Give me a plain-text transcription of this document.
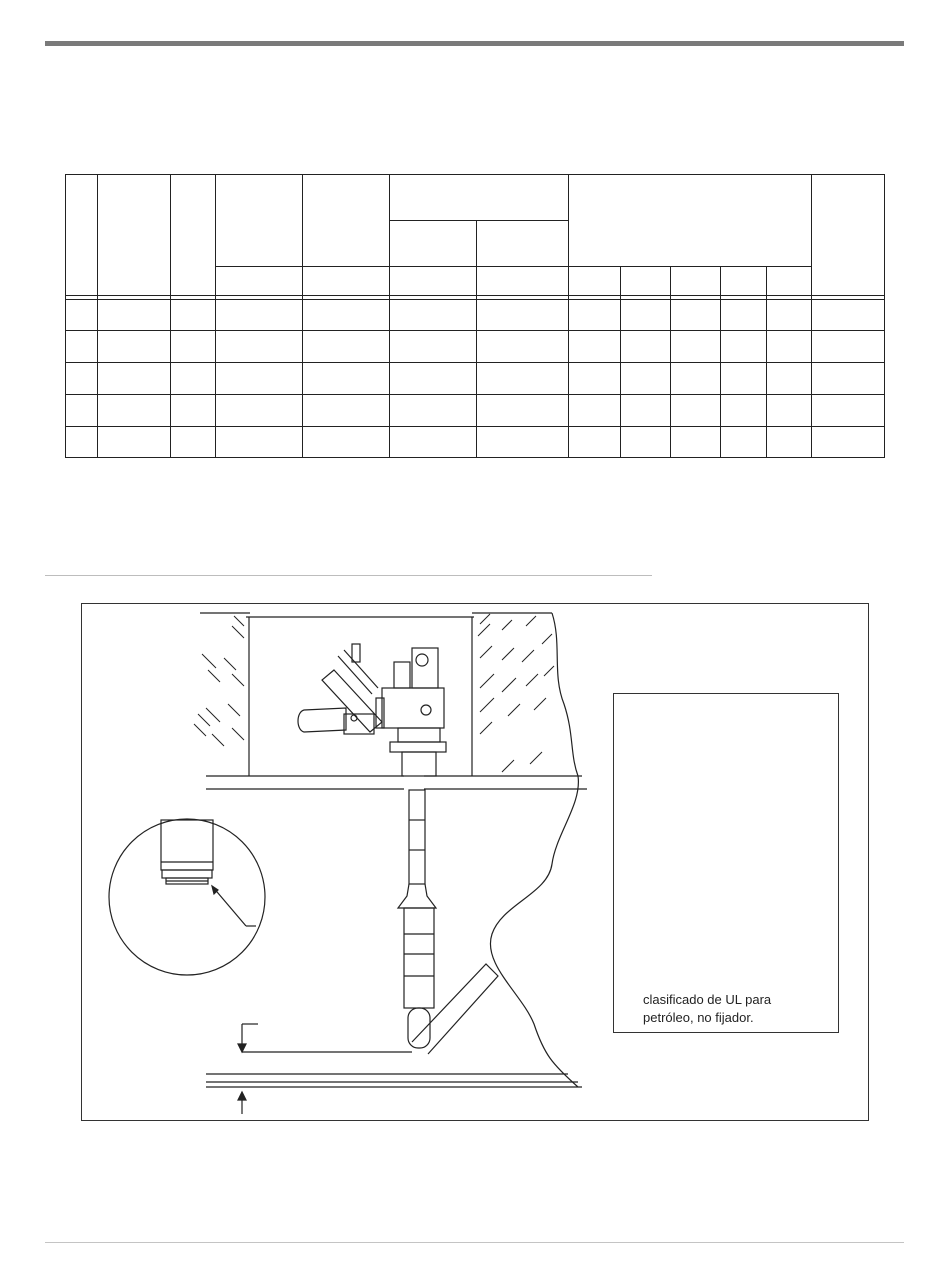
clasificado de UL para
petróleo, no fijador.
